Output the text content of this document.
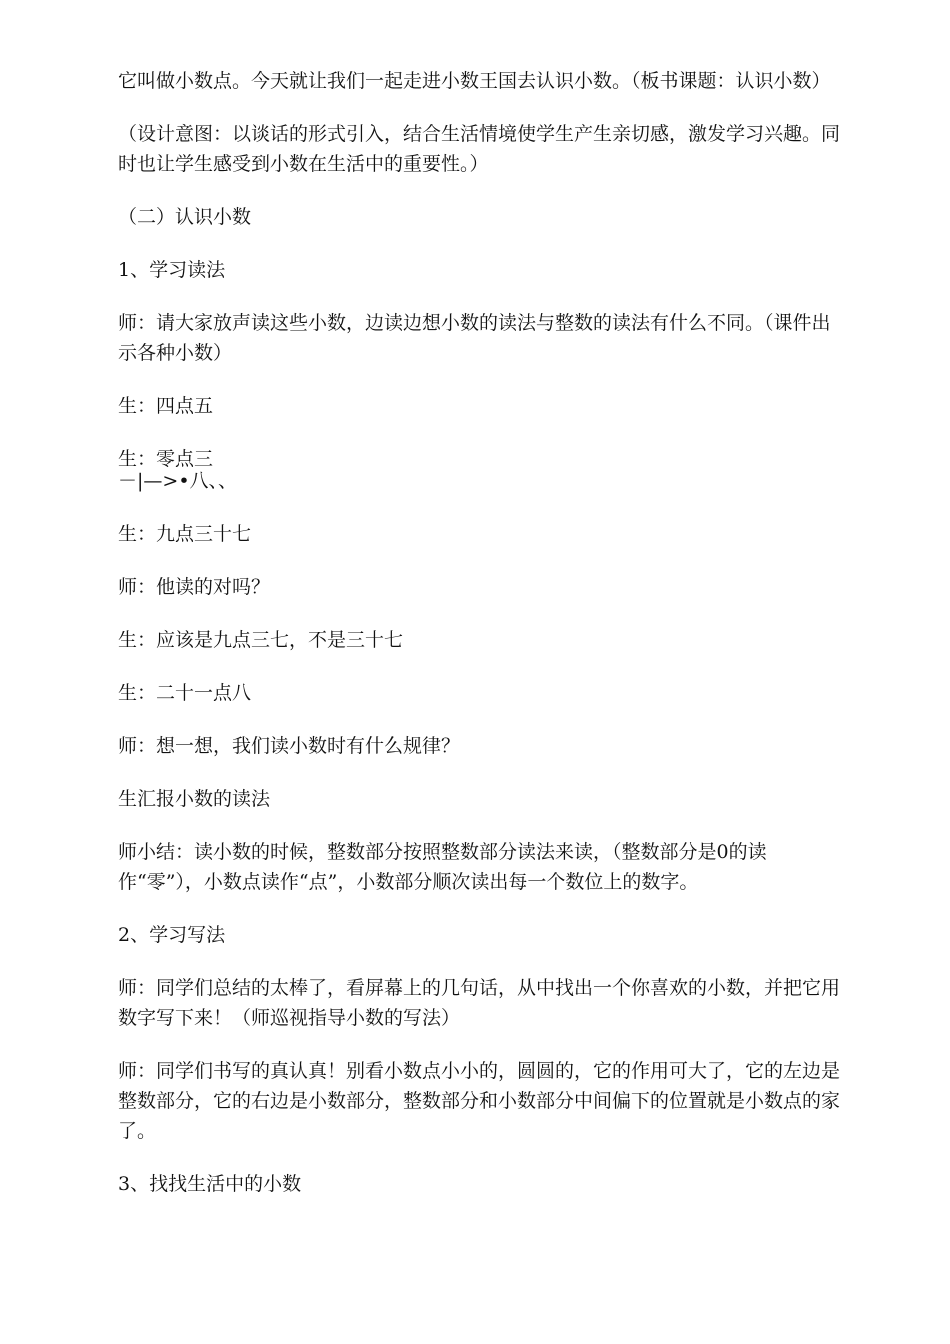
它叫做小数点。今天就让我们一起走进小数王国去认识小数。（板书课题：认识小数）

（设计意图：以谈话的形式引入，结合生活情境使学生产生亲切感，激发学习兴趣。同时也让学生感受到小数在生活中的重要性。）

（二）认识小数

1、学习读法

师：请大家放声读这些小数，边读边想小数的读法与整数的读法有什么不同。（课件出示各种小数）

生：四点五

生：零点三

－|—>•八、、

生：九点三十七

师：他读的对吗？

生：应该是九点三七，不是三十七

生：二十一点八

师：想一想，我们读小数时有什么规律？

生汇报小数的读法

师小结：读小数的时候，整数部分按照整数部分读法来读，（整数部分是0的读作“零”），小数点读作“点”，小数部分顺次读出每一个数位上的数字。

2、学习写法

师：同学们总结的太棒了，看屏幕上的几句话，从中找出一个你喜欢的小数，并把它用数字写下来！（师巡视指导小数的写法）

师：同学们书写的真认真！别看小数点小小的，圆圆的，它的作用可大了，它的左边是整数部分，它的右边是小数部分，整数部分和小数部分中间偏下的位置就是小数点的家了。

3、找找生活中的小数
